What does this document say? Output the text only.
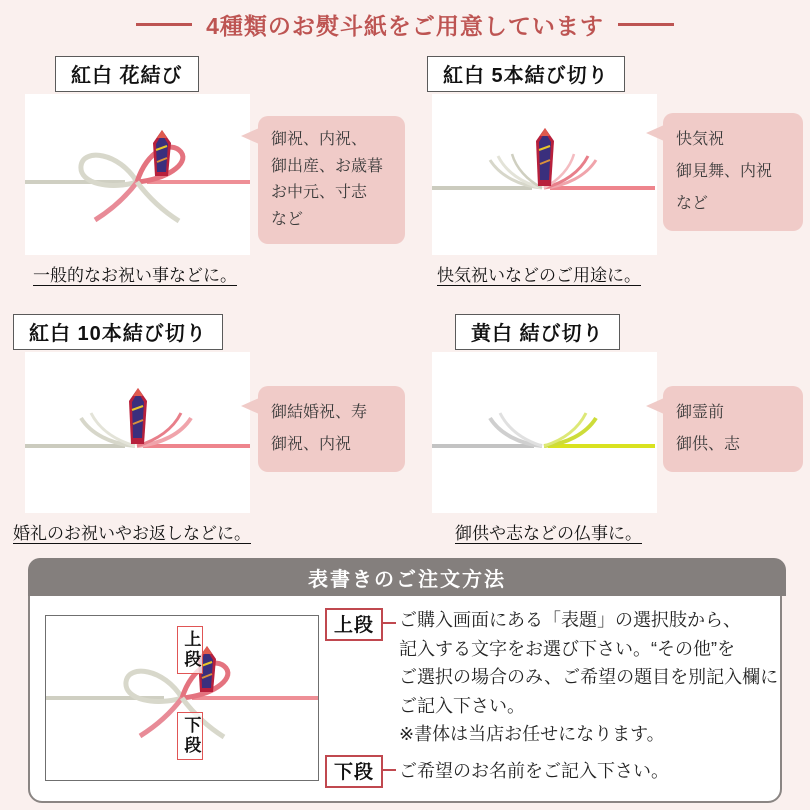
4種類のお熨斗紙をご用意しています
紅白 花結び
御祝、内祝、
御出産、お歳暮
お中元、寸志
など
一般的なお祝い事などに。
紅白 5本結び切り
快気祝
御見舞、内祝
など
快気祝いなどのご用途に。
紅白 10本結び切り
御結婚祝、寿
御祝、内祝
婚礼のお祝いやお返しなどに。
黄白 結び切り
御霊前
御供、志
御供や志などの仏事に。
表書きのご注文方法
上段
下段
上段	ご購入画面にある「表題」の選択肢から、
記入する文字をお選び下さい。“その他”を
ご選択の場合のみ、ご希望の題目を別記入欄に
ご記入下さい。
※書体は当店お任せになります。
下段	ご希望のお名前をご記入下さい。
